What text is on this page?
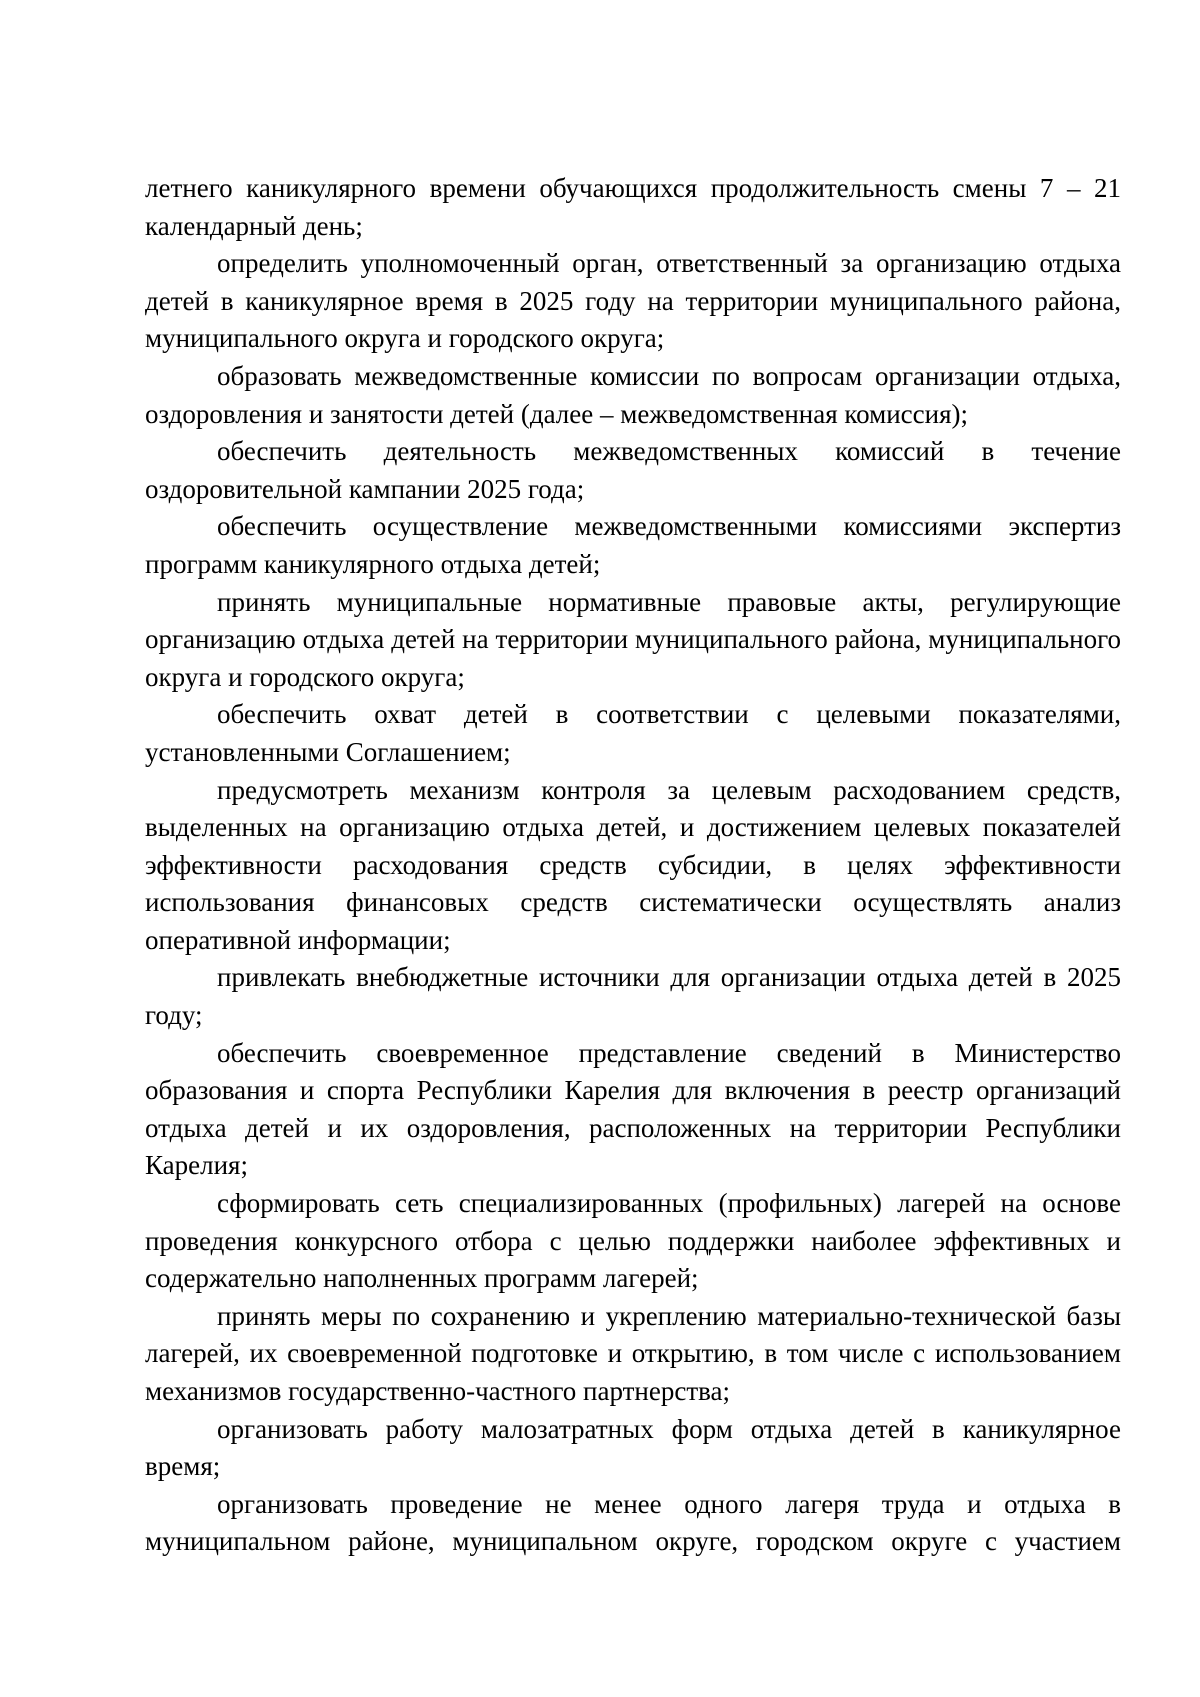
летнего каникулярного времени обучающихся продолжительность смены 7 – 21 календарный день;

определить уполномоченный орган, ответственный за организацию отдыха детей в каникулярное время в 2025 году на территории муниципального района, муниципального округа и городского округа;

образовать межведомственные комиссии по вопросам организации отдыха, оздоровления и занятости детей (далее – межведомственная комиссия);

обеспечить деятельность межведомственных комиссий в течение оздоровительной кампании 2025 года;

обеспечить осуществление межведомственными комиссиями экспертиз программ каникулярного отдыха детей;

принять муниципальные нормативные правовые акты, регулирующие организацию отдыха детей на территории муниципального района, муниципального округа и городского округа;

обеспечить охват детей в соответствии с целевыми показателями, установленными Соглашением;

предусмотреть механизм контроля за целевым расходованием средств, выделенных на организацию отдыха детей, и достижением целевых показателей эффективности расходования средств субсидии, в целях эффективности использования финансовых средств систематически осуществлять анализ оперативной информации;

привлекать внебюджетные источники для организации отдыха детей в 2025 году;

обеспечить своевременное представление сведений в Министерство образования и спорта Республики Карелия для включения в реестр организаций отдыха детей и их оздоровления, расположенных на территории Республики Карелия;

сформировать сеть специализированных (профильных) лагерей на основе проведения конкурсного отбора с целью поддержки наиболее эффективных и содержательно наполненных программ лагерей;

принять меры по сохранению и укреплению материально-технической базы лагерей, их своевременной подготовке и открытию, в том числе с использованием механизмов государственно-частного партнерства;

организовать работу малозатратных форм отдыха детей в каникулярное время;

организовать проведение не менее одного лагеря труда и отдыха в муниципальном районе, муниципальном округе, городском округе с участием
